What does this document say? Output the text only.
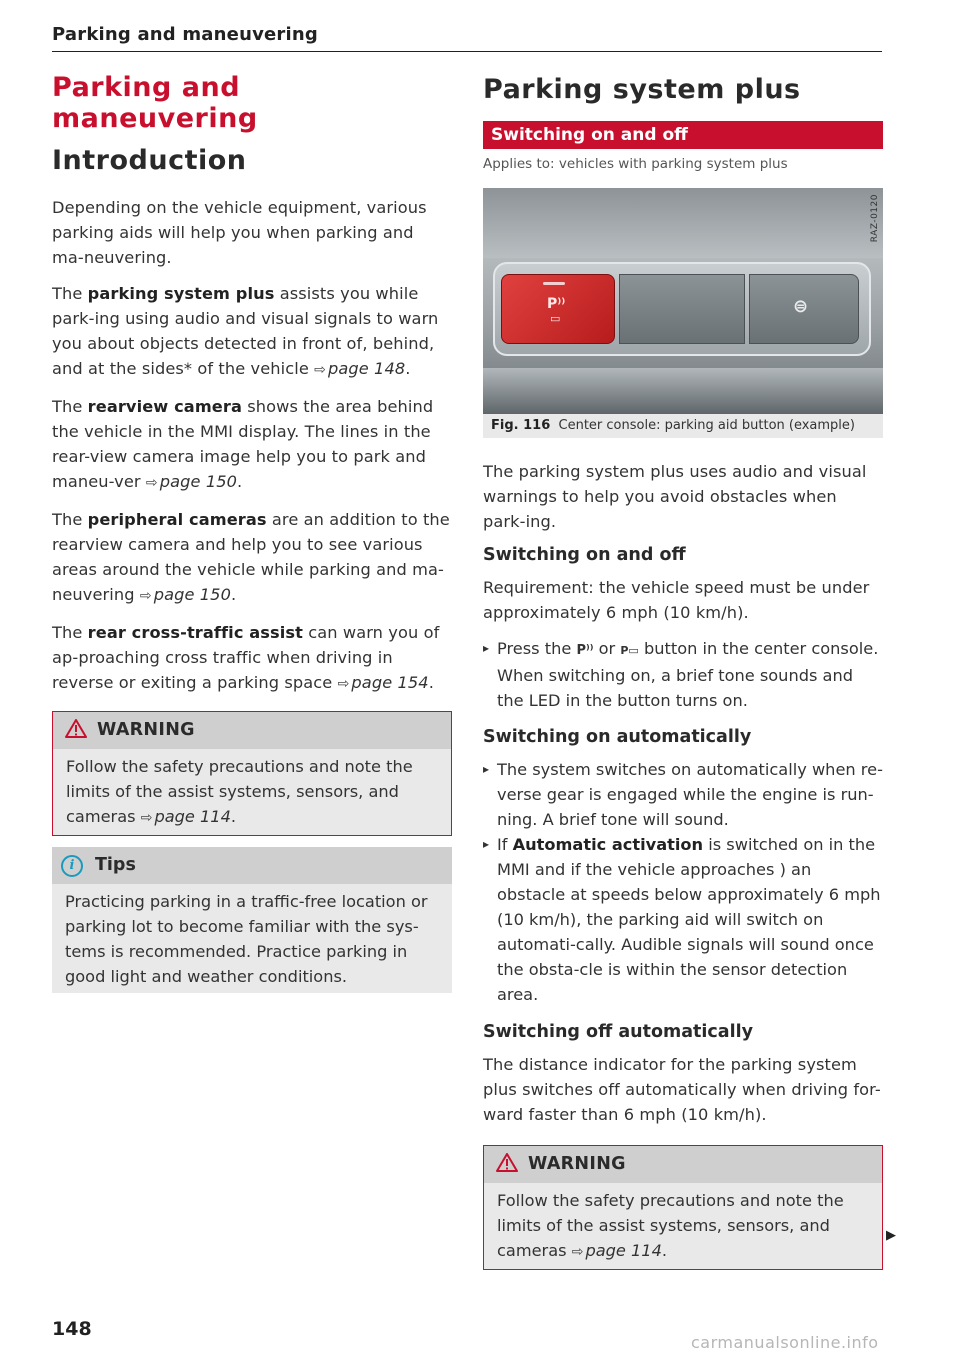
Parking and maneuvering
Parking and maneuvering
Introduction

Depending on the vehicle equipment, various parking aids will help you when parking and ma-neuvering.

The parking system plus assists you while park-ing using audio and visual signals to warn you about objects detected in front of, behind, and at the sides* of the vehicle ⇨ page 148.

The rearview camera shows the area behind the vehicle in the MMI display. The lines in the rear-view camera image help you to park and maneu-ver ⇨ page 150.

The peripheral cameras are an addition to the rearview camera and help you to see various areas around the vehicle while parking and ma-neuvering ⇨ page 150.

The rear cross-traffic assist can warn you of ap-proaching cross traffic when driving in reverse or exiting a parking space ⇨ page 154.

WARNING
Follow the safety precautions and note the limits of the assist systems, sensors, and cameras ⇨ page 114.
i Tips
Practicing parking in a traffic-free location or parking lot to become familiar with the sys-tems is recommended. Practice parking in good light and weather conditions.
Parking system plus
Switching on and off
Applies to: vehicles with parking system plus
RAZ-0120
P⁾⁾
▭
⊜
Fig. 116 Center console: parking aid button (example)

The parking system plus uses audio and visual warnings to help you avoid obstacles when park-ing.

Switching on and off

Requirement: the vehicle speed must be under approximately 6 mph (10 km/h).

▸ Press the P⁾⁾ or P▭ button in the center console. When switching on, a brief tone sounds and the LED in the button turns on.
Switching on automatically
▸ The system switches on automatically when re-verse gear is engaged while the engine is run-ning. A brief tone will sound.
▸ If Automatic activation is switched on in the MMI and if the vehicle approaches ) an obstacle at speeds below approximately 6 mph (10 km/h), the parking aid will switch on automati-cally. Audible signals will sound once the obsta-cle is within the sensor detection area.
Switching off automatically

The distance indicator for the parking system plus switches off automatically when driving for-ward faster than 6 mph (10 km/h).

WARNING
Follow the safety precautions and note the limits of the assist systems, sensors, and cameras ⇨ page 114.
▶
148
carmanualsonline.info
